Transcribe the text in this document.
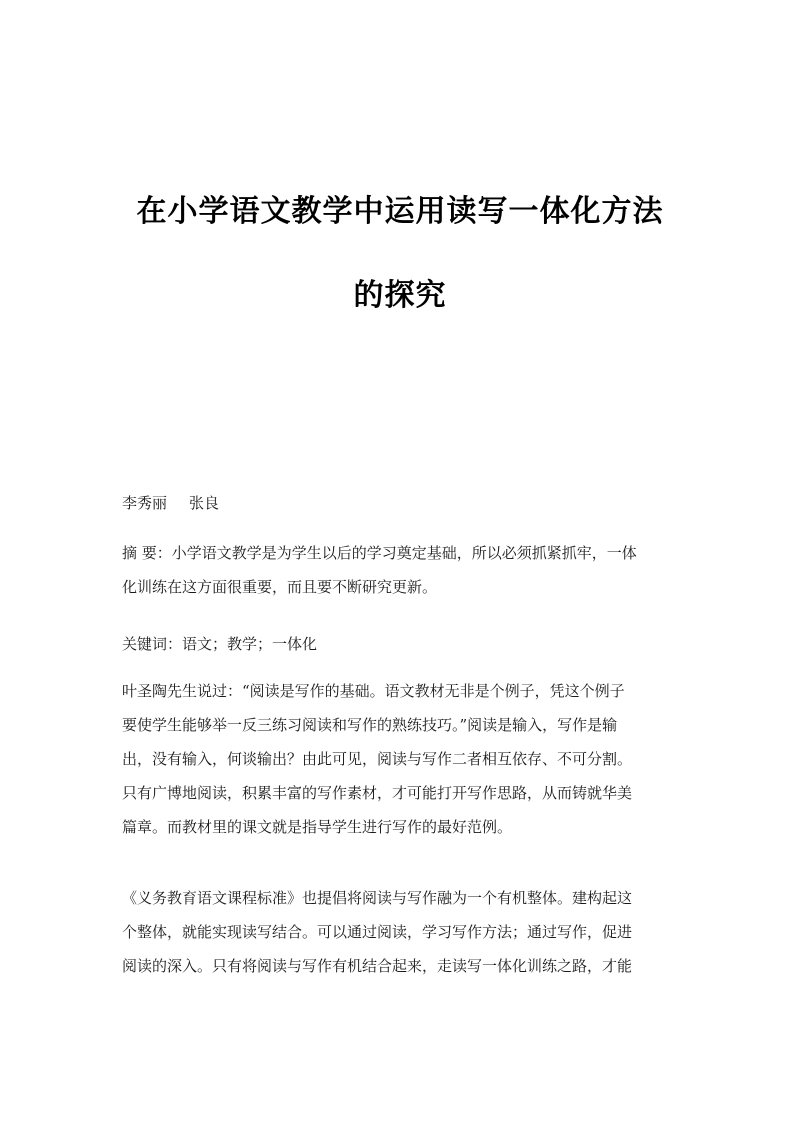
在小学语文教学中运用读写一体化方法
的探究
李秀丽 张良
摘 要：小学语文教学是为学生以后的学习奠定基础，所以必须抓紧抓牢，一体
化训练在这方面很重要，而且要不断研究更新。
关键词：语文；教学；一体化
叶圣陶先生说过：“阅读是写作的基础。语文教材无非是个例子，凭这个例子
要使学生能够举一反三练习阅读和写作的熟练技巧。”阅读是输入，写作是输
出，没有输入，何谈输出？由此可见，阅读与写作二者相互依存、不可分割。
只有广博地阅读，积累丰富的写作素材，才可能打开写作思路，从而铸就华美
篇章。而教材里的课文就是指导学生进行写作的最好范例。
《义务教育语文课程标准》也提倡将阅读与写作融为一个有机整体。建构起这
个整体，就能实现读写结合。可以通过阅读，学习写作方法；通过写作，促进
阅读的深入。只有将阅读与写作有机结合起来，走读写一体化训练之路，才能
